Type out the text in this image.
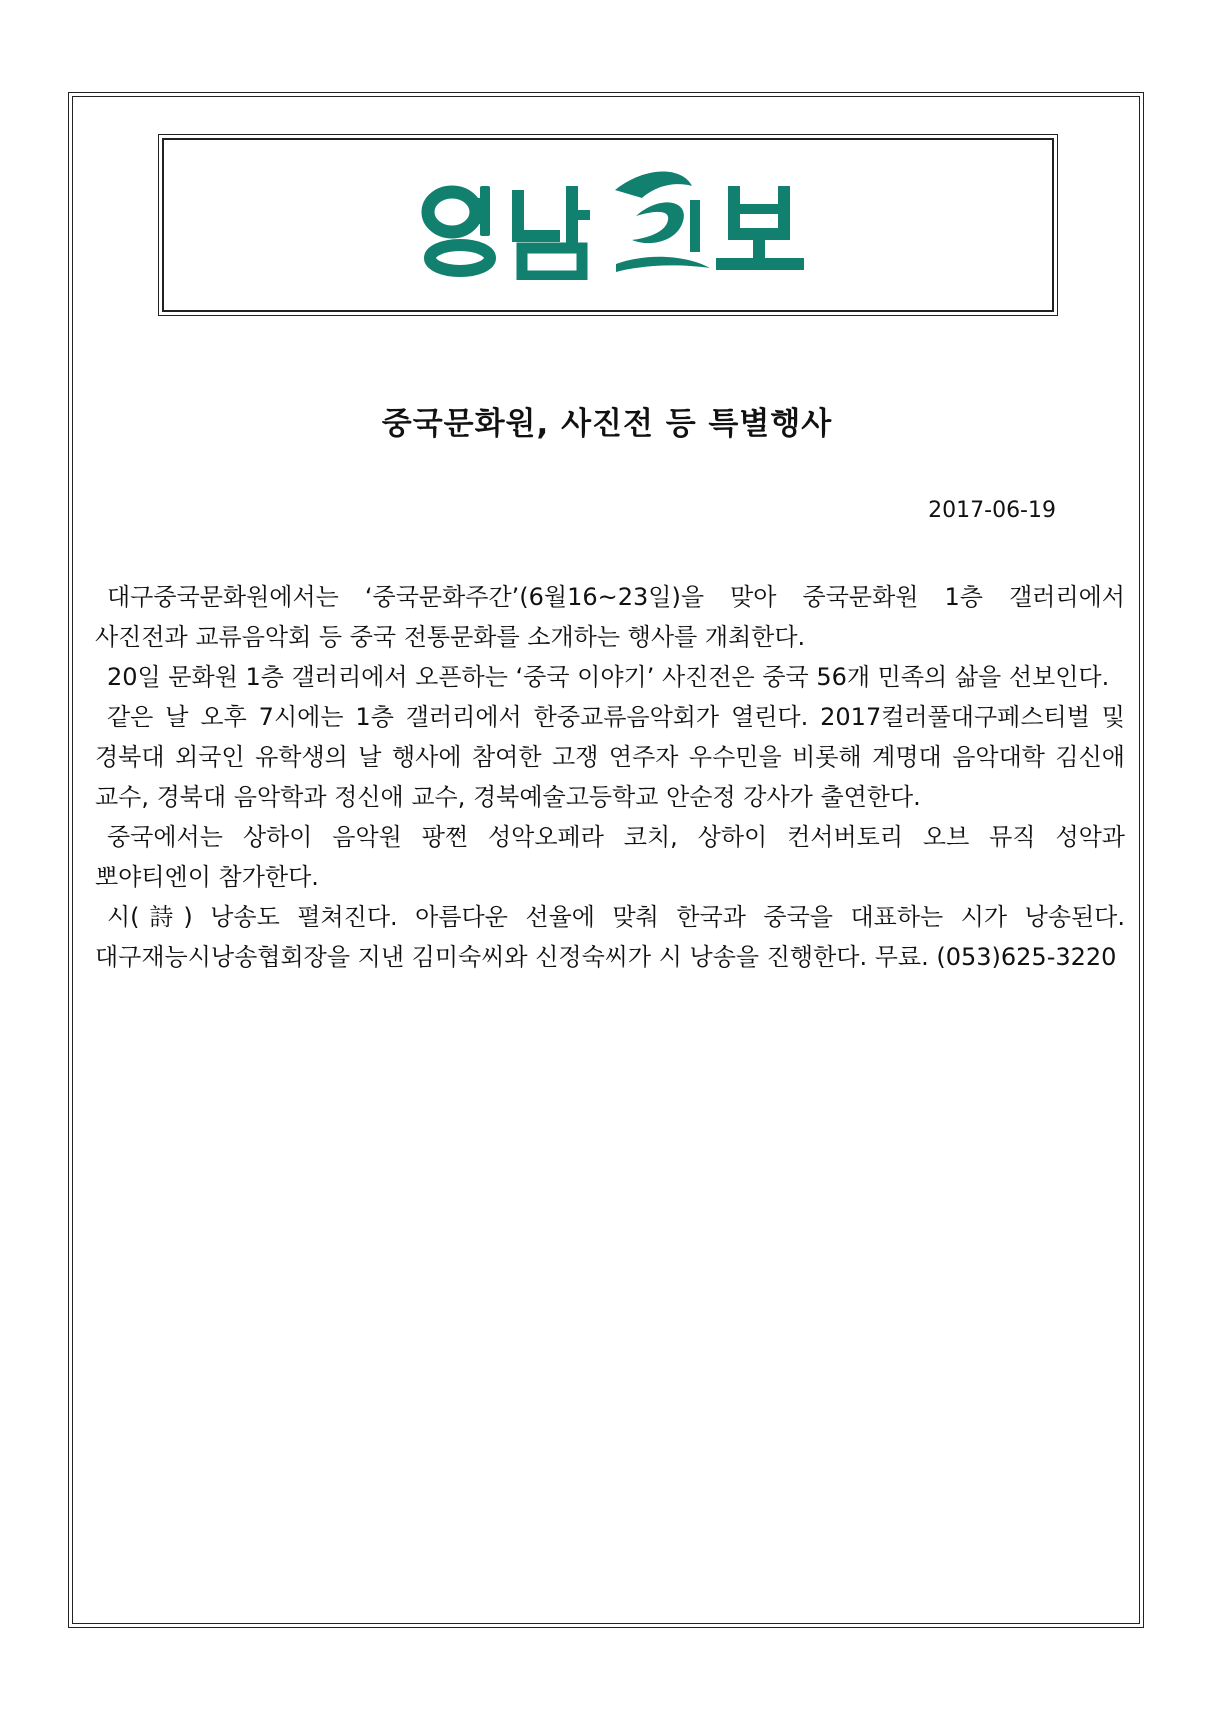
중국문화원, 사진전 등 특별행사
2017-06-19

대구중국문화원에서는 ‘중국문화주간’(6월16~23일)을 맞아 중국문화원 1층 갤러리에서 사진전과 교류음악회 등 중국 전통문화를 소개하는 행사를 개최한다.

20일 문화원 1층 갤러리에서 오픈하는 ‘중국 이야기’ 사진전은 중국 56개 민족의 삶을 선보인다.

같은 날 오후 7시에는 1층 갤러리에서 한중교류음악회가 열린다. 2017컬러풀대구페스티벌 및 경북대 외국인 유학생의 날 행사에 참여한 고쟁 연주자 우수민을 비롯해 계명대 음악대학 김신애 교수, 경북대 음악학과 정신애 교수, 경북예술고등학교 안순정 강사가 출연한다.

중국에서는 상하이 음악원 팡쩐 성악오페라 코치, 상하이 컨서버토리 오브 뮤직 성악과 뽀야티엔이 참가한다.

시(詩) 낭송도 펼쳐진다. 아름다운 선율에 맞춰 한국과 중국을 대표하는 시가 낭송된다. 대구재능시낭송협회장을 지낸 김미숙씨와 신정숙씨가 시 낭송을 진행한다. 무료. (053)625-3220
